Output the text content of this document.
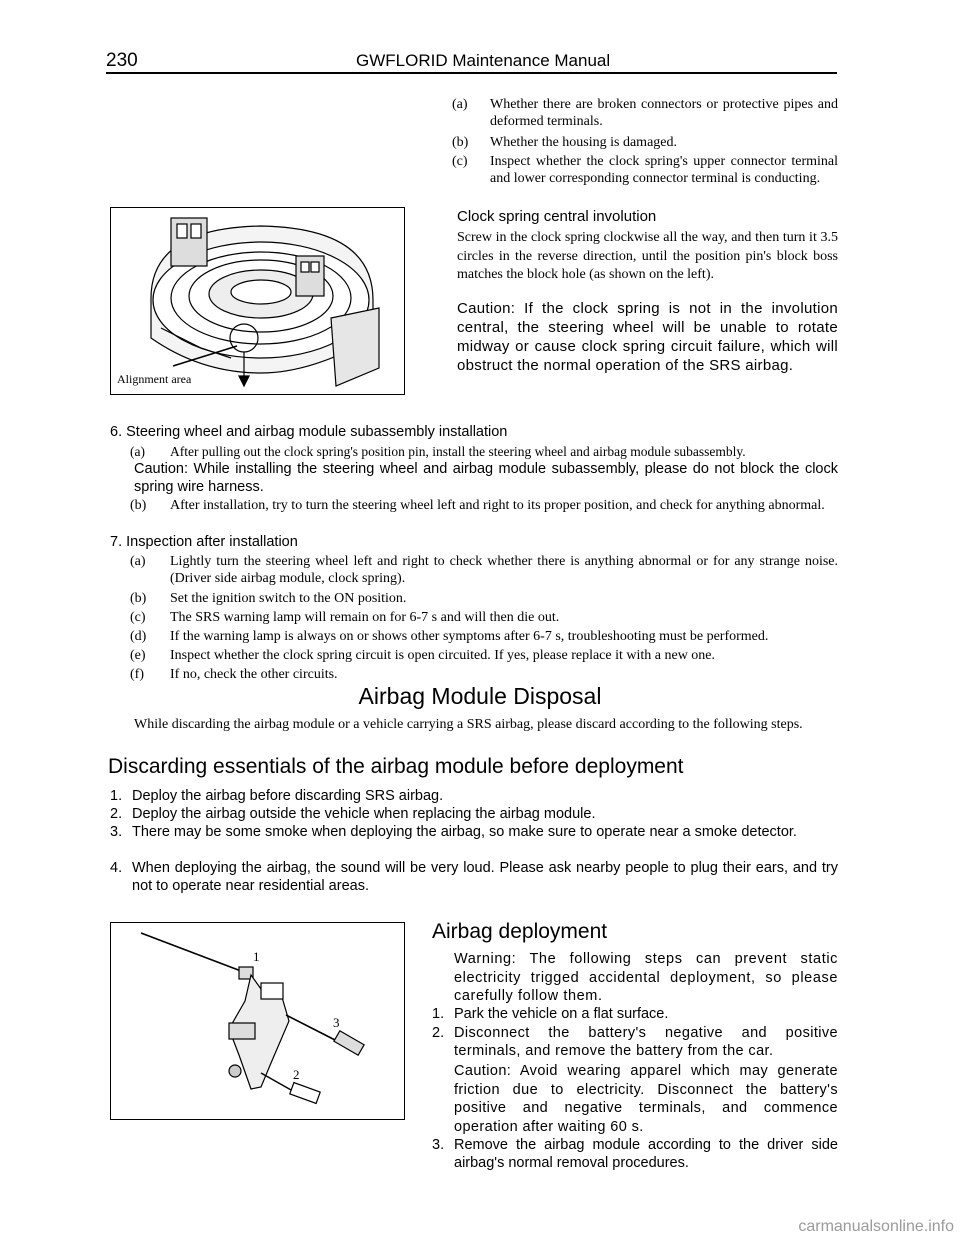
230	GWFLORID Maintenance Manual
(a) Whether there are broken connectors or protective pipes and deformed terminals.
(b) Whether the housing is damaged.
(c) Inspect whether the clock spring's upper connector terminal and lower corresponding connector terminal is conducting.
Alignment area
Clock spring central involution
Screw in the clock spring clockwise all the way, and then turn it 3.5 circles in the reverse direction, until the position pin's block boss matches the block hole (as shown on the left).
Caution: If the clock spring is not in the involution central, the steering wheel will be unable to rotate midway or cause clock spring circuit failure, which will obstruct the normal operation of the SRS airbag.
6. Steering wheel and airbag module subassembly installation
(a) After pulling out the clock spring's position pin, install the steering wheel and airbag module subassembly.
Caution: While installing the steering wheel and airbag module subassembly, please do not block the clock spring wire harness.
(b) After installation, try to turn the steering wheel left and right to its proper position, and check for anything abnormal.
7. Inspection after installation
(a) Lightly turn the steering wheel left and right to check whether there is anything abnormal or for any strange noise. (Driver side airbag module, clock spring).
(b) Set the ignition switch to the ON position.
(c) The SRS warning lamp will remain on for 6-7 s and will then die out.
(d) If the warning lamp is always on or shows other symptoms after 6-7 s, troubleshooting must be performed.
(e) Inspect whether the clock spring circuit is open circuited. If yes, please replace it with a new one.
(f) If no, check the other circuits.
Airbag Module Disposal
While discarding the airbag module or a vehicle carrying a SRS airbag, please discard according to the following steps.
Discarding essentials of the airbag module before deployment
1. Deploy the airbag before discarding SRS airbag.
2. Deploy the airbag outside the vehicle when replacing the airbag module.
3. There may be some smoke when deploying the airbag, so make sure to operate near a smoke detector.
4. When deploying the airbag, the sound will be very loud. Please ask nearby people to plug their ears, and try not to operate near residential areas.
1
3
2
Airbag deployment
Warning: The following steps can prevent static electricity trigged accidental deployment, so please carefully follow them.
1. Park the vehicle on a flat surface.
2. Disconnect the battery's negative and positive terminals, and remove the battery from the car.
Caution: Avoid wearing apparel which may generate friction due to electricity. Disconnect the battery's positive and negative terminals, and commence operation after waiting 60 s.
3. Remove the airbag module according to the driver side airbag's normal removal procedures.
carmanualsonline.info
